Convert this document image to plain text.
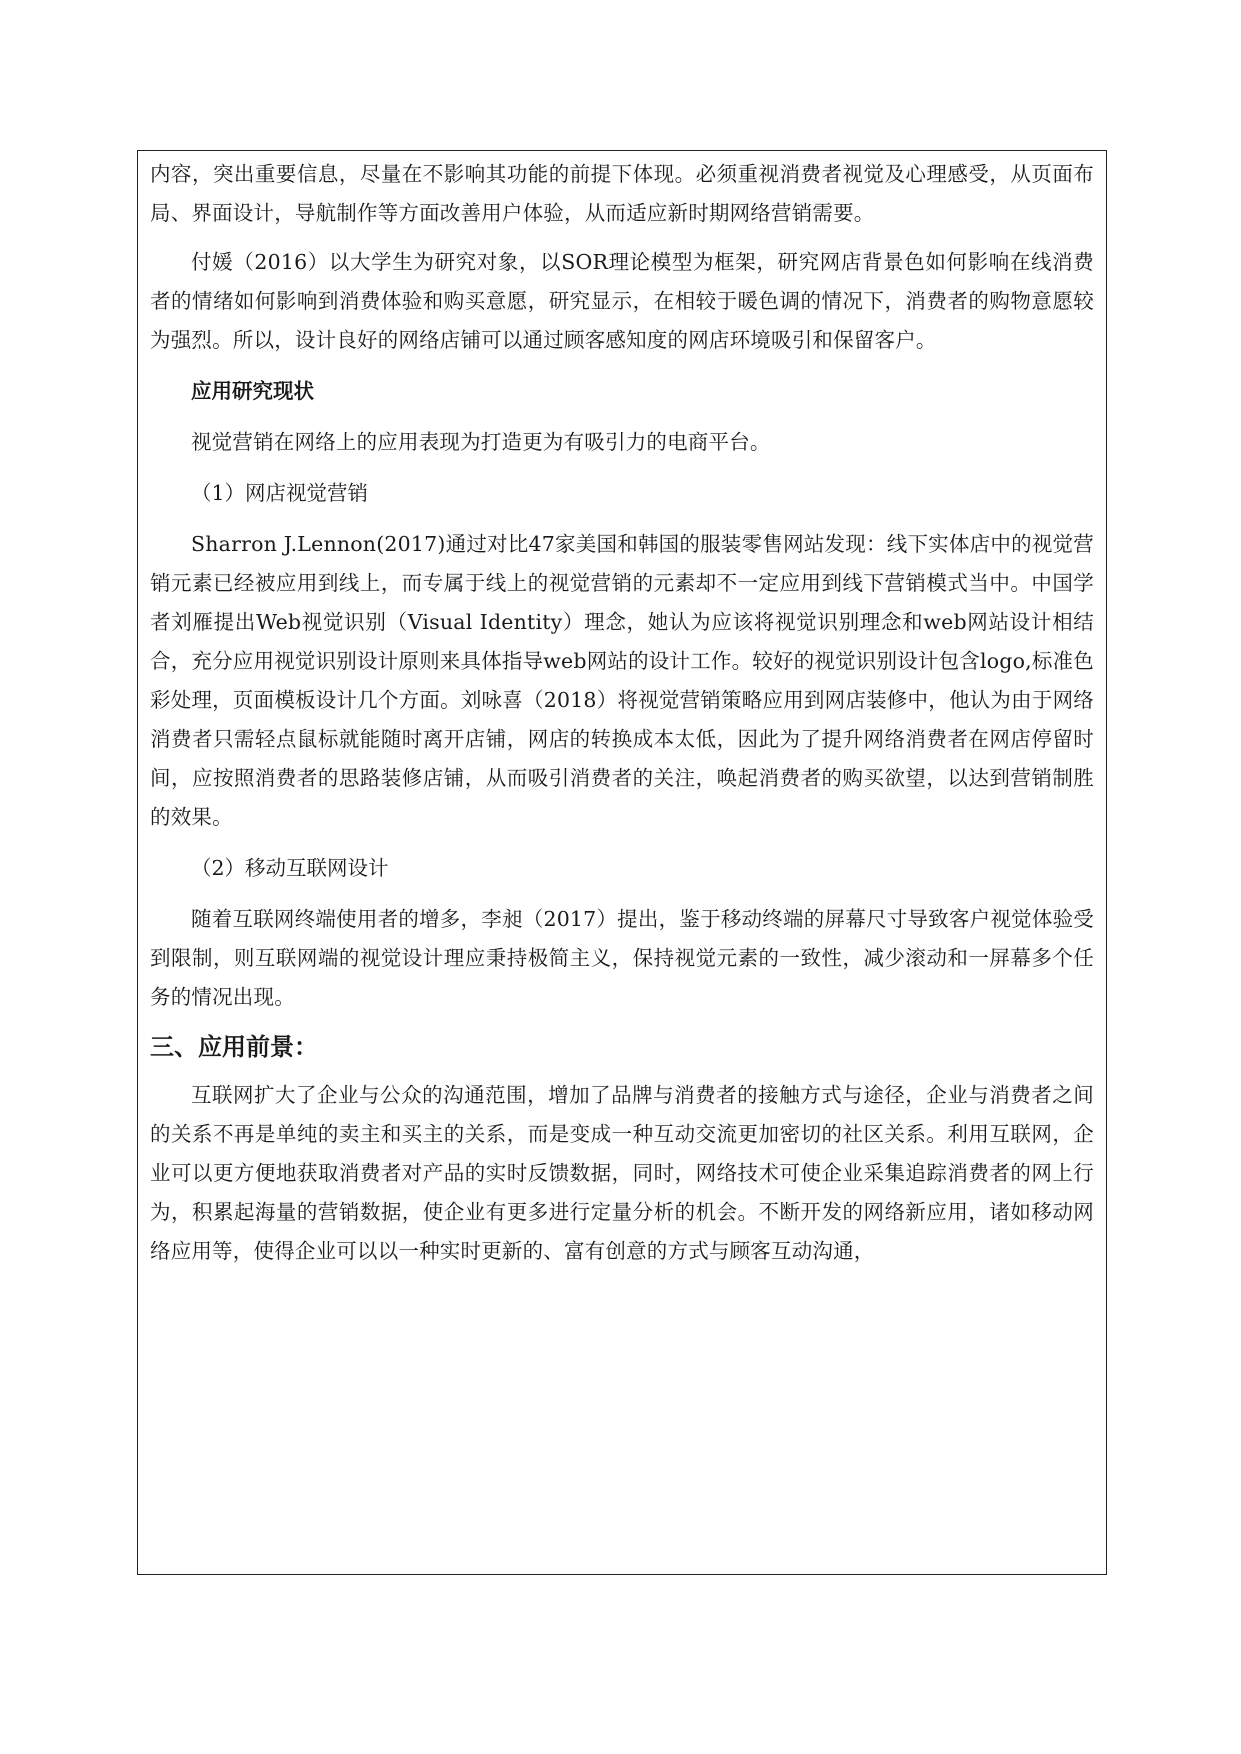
内容，突出重要信息，尽量在不影响其功能的前提下体现。必须重视消费者视觉及心理感受，从页面布局、界面设计，导航制作等方面改善用户体验，从而适应新时期网络营销需要。

付媛（2016）以大学生为研究对象，以SOR理论模型为框架，研究网店背景色如何影响在线消费者的情绪如何影响到消费体验和购买意愿，研究显示，在相较于暖色调的情况下，消费者的购物意愿较为强烈。所以，设计良好的网络店铺可以通过顾客感知度的网店环境吸引和保留客户。

应用研究现状

视觉营销在网络上的应用表现为打造更为有吸引力的电商平台。

（1）网店视觉营销

Sharron J.Lennon(2017)通过对比47家美国和韩国的服装零售网站发现：线下实体店中的视觉营销元素已经被应用到线上，而专属于线上的视觉营销的元素却不一定应用到线下营销模式当中。中国学者刘雁提出Web视觉识别（Visual Identity）理念，她认为应该将视觉识别理念和web网站设计相结合，充分应用视觉识别设计原则来具体指导web网站的设计工作。较好的视觉识别设计包含logo,标准色彩处理，页面模板设计几个方面。刘咏喜（2018）将视觉营销策略应用到网店装修中，他认为由于网络消费者只需轻点鼠标就能随时离开店铺，网店的转换成本太低，因此为了提升网络消费者在网店停留时间，应按照消费者的思路装修店铺，从而吸引消费者的关注，唤起消费者的购买欲望，以达到营销制胜的效果。

（2）移动互联网设计

随着互联网终端使用者的增多，李昶（2017）提出，鉴于移动终端的屏幕尺寸导致客户视觉体验受到限制，则互联网端的视觉设计理应秉持极简主义，保持视觉元素的一致性，减少滚动和一屏幕多个任务的情况出现。

三、应用前景：

互联网扩大了企业与公众的沟通范围，增加了品牌与消费者的接触方式与途径，企业与消费者之间的关系不再是单纯的卖主和买主的关系，而是变成一种互动交流更加密切的社区关系。利用互联网，企业可以更方便地获取消费者对产品的实时反馈数据，同时，网络技术可使企业采集追踪消费者的网上行为，积累起海量的营销数据，使企业有更多进行定量分析的机会。不断开发的网络新应用，诸如移动网络应用等，使得企业可以以一种实时更新的、富有创意的方式与顾客互动沟通，
